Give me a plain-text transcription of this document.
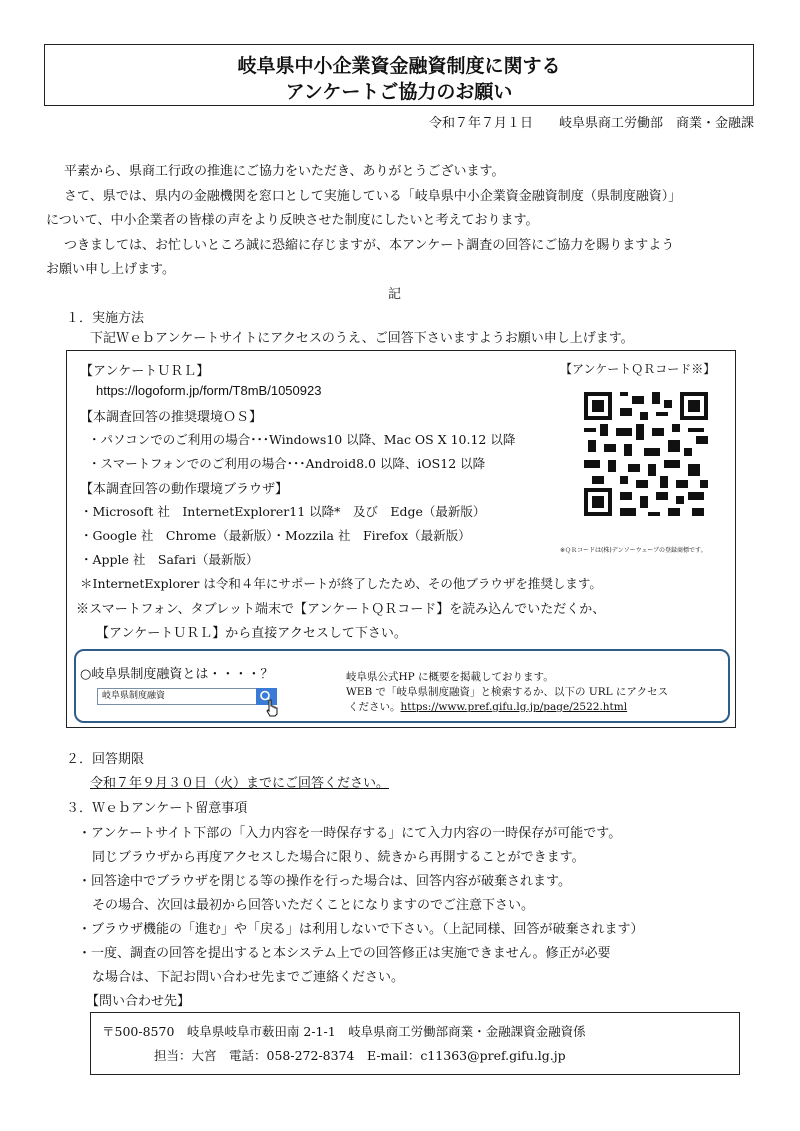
岐阜県中小企業資金融資制度に関する
アンケートご協力のお願い
令和７年７月１日　　岐阜県商工労働部　商業・金融課
平素から、県商工行政の推進にご協力をいただき、ありがとうございます。
さて、県では、県内の金融機関を窓口として実施している「岐阜県中小企業資金融資制度（県制度融資）」
について、中小企業者の皆様の声をより反映させた制度にしたいと考えております。
つきましては、お忙しいところ誠に恐縮に存じますが、本アンケート調査の回答にご協力を賜りますよう
お願い申し上げます。
記
１．実施方法
下記Ｗｅｂアンケートサイトにアクセスのうえ、ご回答下さいますようお願い申し上げます。
【アンケートＵＲＬ】	【アンケートＱＲコード※】
https://logoform.jp/form/T8mB/1050923
【本調査回答の推奨環境ＯＳ】
・パソコンでのご利用の場合･･･Windows10 以降、Mac OS X 10.12 以降
・スマートフォンでのご利用の場合･･･Android8.0 以降、iOS12 以降
【本調査回答の動作環境ブラウザ】
・Microsoft 社　InternetExplorer11 以降*　及び　Edge（最新版）
・Google 社　Chrome（最新版）・Mozzila 社　Firefox（最新版）
・Apple 社　Safari（最新版）
※ＱＲコードは(株)デンソーウェーブの登録商標です。
＊InternetExplorer は令和４年にサポートが終了したため、その他ブラウザを推奨します。
※スマートフォン、タブレット端末で【アンケートＱＲコード】を読み込んでいただくか、
【アンケートＵＲＬ】から直接アクセスして下さい。
○岐阜県制度融資とは・・・・？
岐阜県制度融資
岐阜県公式HP に概要を掲載しております。
WEB で「岐阜県制度融資」と検索するか、以下の URL にアクセス
ください。https://www.pref.gifu.lg.jp/page/2522.html
２．回答期限
令和７年９月３０日（火）までにご回答ください。
３．Ｗｅｂアンケート留意事項
・アンケートサイト下部の「入力内容を一時保存する」にて入力内容の一時保存が可能です。
同じブラウザから再度アクセスした場合に限り、続きから再開することができます。
・回答途中でブラウザを閉じる等の操作を行った場合は、回答内容が破棄されます。
その場合、次回は最初から回答いただくことになりますのでご注意下さい。
・ブラウザ機能の「進む」や「戻る」は利用しないで下さい。（上記同様、回答が破棄されます）
・一度、調査の回答を提出すると本システム上での回答修正は実施できません。修正が必要
な場合は、下記お問い合わせ先までご連絡ください。
【問い合わせ先】
〒500-8570　岐阜県岐阜市薮田南 2-1-1　岐阜県商工労働部商業・金融課資金融資係
担当：大宮　電話：058-272-8374　E-mail：c11363@pref.gifu.lg.jp
